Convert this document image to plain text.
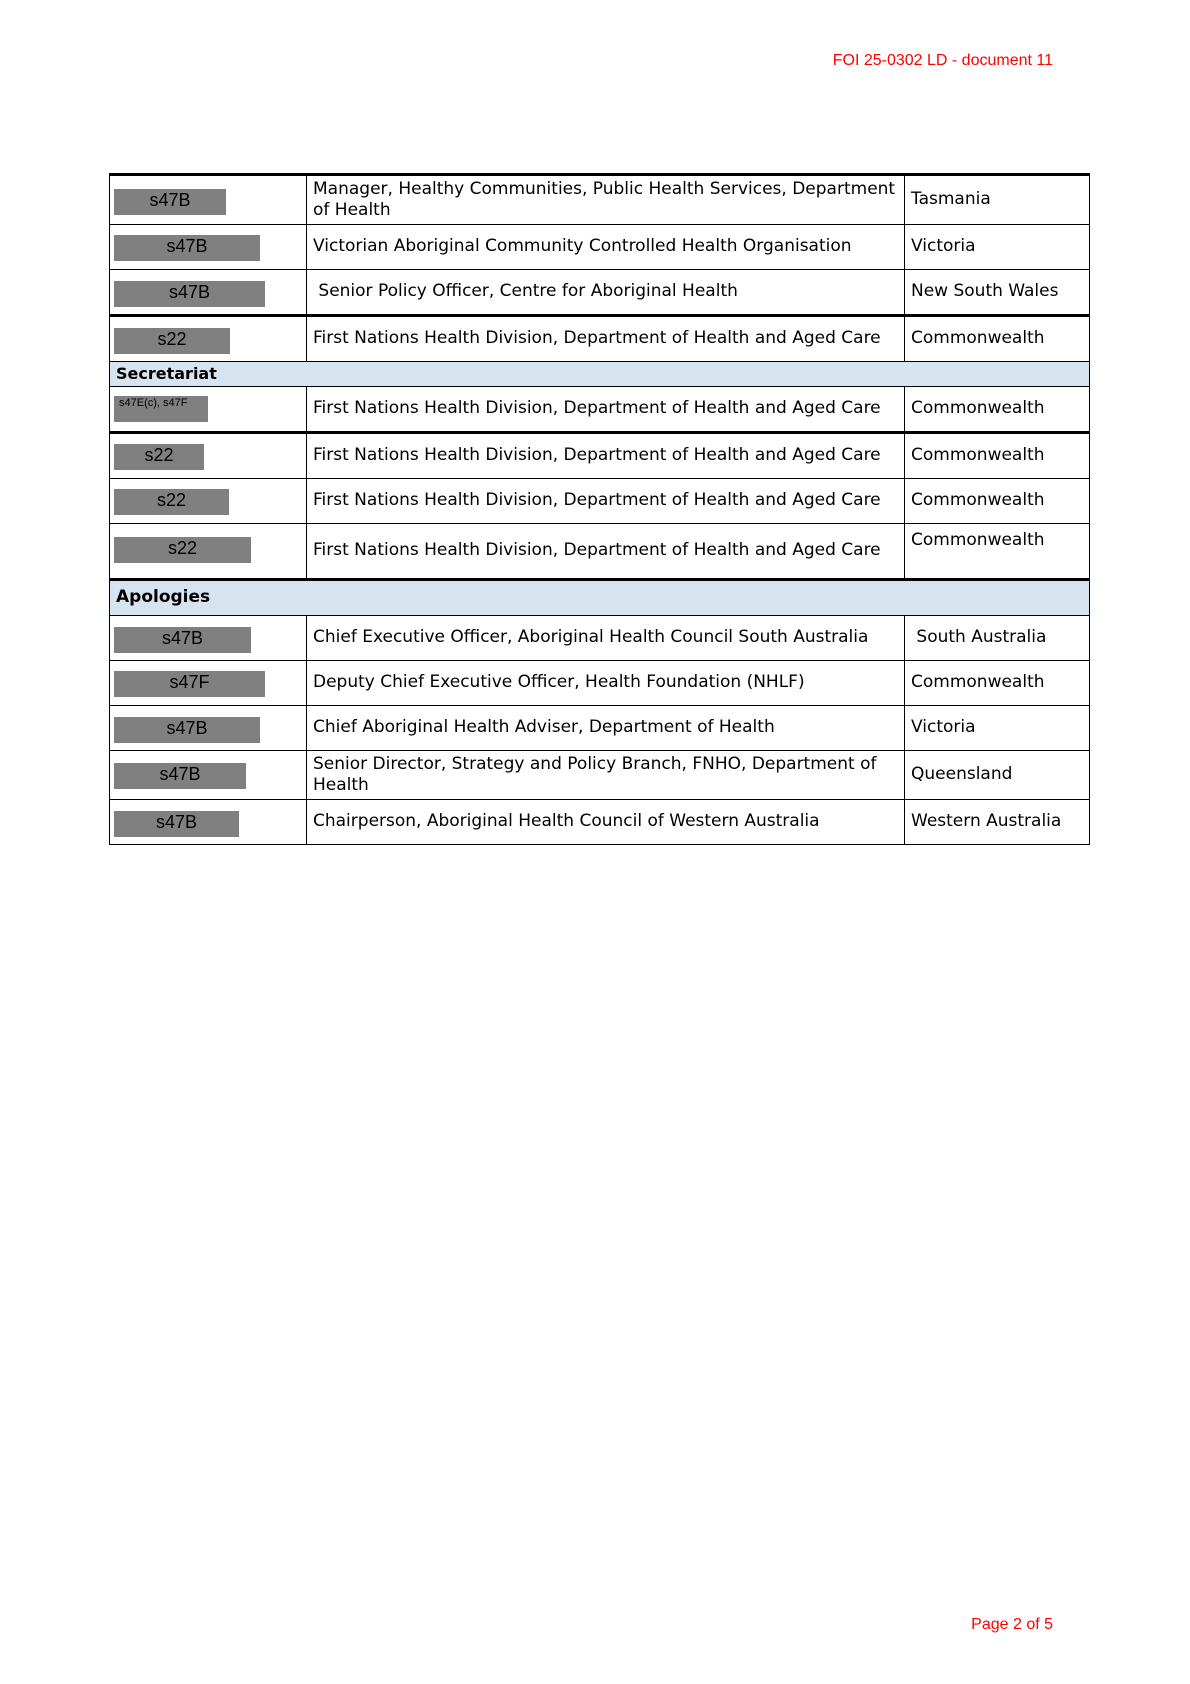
FOI 25-0302 LD - document 11
s47B	Manager, Healthy Communities, Public Health Services, Department of Health	Tasmania

s47B	Victorian Aboriginal Community Controlled Health Organisation	Victoria

s47B	Senior Policy Officer, Centre for Aboriginal Health	New South Wales

s22	First Nations Health Division, Department of Health and Aged Care	Commonwealth
Secretariat		

s47E(c), s47F	First Nations Health Division, Department of Health and Aged Care	Commonwealth

s22	First Nations Health Division, Department of Health and Aged Care	Commonwealth

s22	First Nations Health Division, Department of Health and Aged Care	Commonwealth

s22	First Nations Health Division, Department of Health and Aged Care	Commonwealth
Apologies		

s47B	Chief Executive Officer, Aboriginal Health Council South Australia	South Australia

s47F	Deputy Chief Executive Officer, Health Foundation (NHLF)	Commonwealth

s47B	Chief Aboriginal Health Adviser, Department of Health	Victoria

s47B	Senior Director, Strategy and Policy Branch, FNHO, Department of Health	Queensland

s47B	Chairperson, Aboriginal Health Council of Western Australia	Western Australia
Page 2 of 5
